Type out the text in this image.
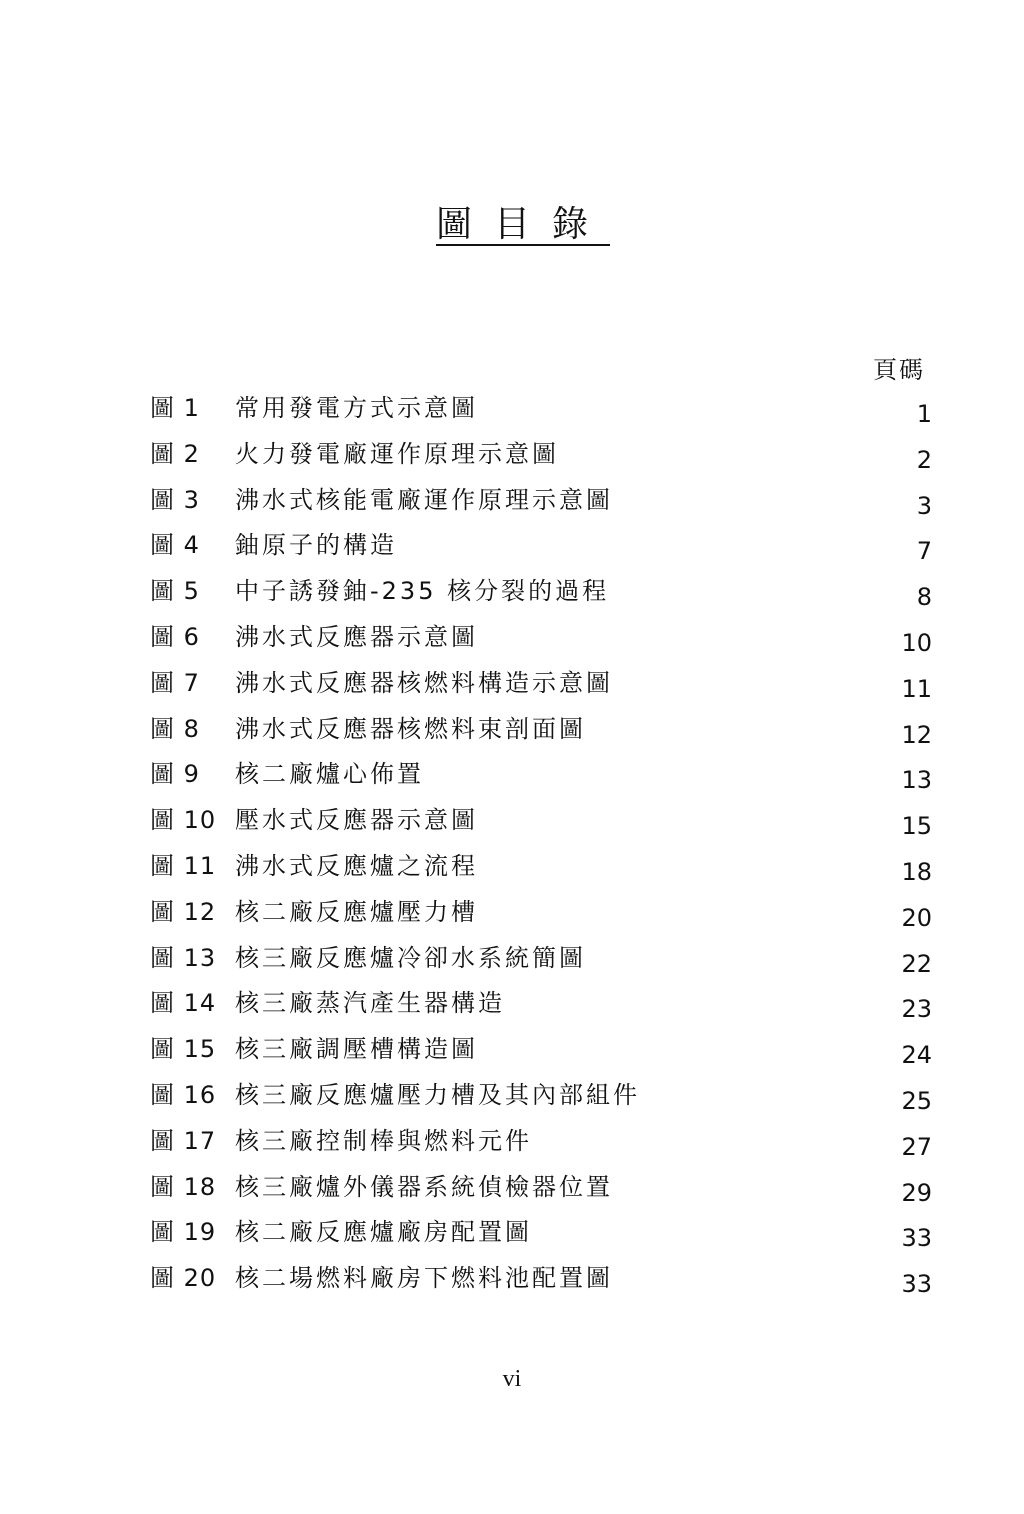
圖目錄
頁碼
圖 1 常用發電方式示意圖	1
圖 2 火力發電廠運作原理示意圖	2
圖 3 沸水式核能電廠運作原理示意圖	3
圖 4 鈾原子的構造	7
圖 5 中子誘發鈾-235 核分裂的過程	8
圖 6 沸水式反應器示意圖	10
圖 7 沸水式反應器核燃料構造示意圖	11
圖 8 沸水式反應器核燃料束剖面圖	12
圖 9 核二廠爐心佈置	13
圖 10 壓水式反應器示意圖	15
圖 11 沸水式反應爐之流程	18
圖 12 核二廠反應爐壓力槽	20
圖 13 核三廠反應爐冷卻水系統簡圖	22
圖 14 核三廠蒸汽產生器構造	23
圖 15 核三廠調壓槽構造圖	24
圖 16 核三廠反應爐壓力槽及其內部組件	25
圖 17 核三廠控制棒與燃料元件	27
圖 18 核三廠爐外儀器系統偵檢器位置	29
圖 19 核二廠反應爐廠房配置圖	33
圖 20 核二場燃料廠房下燃料池配置圖	33
vi
